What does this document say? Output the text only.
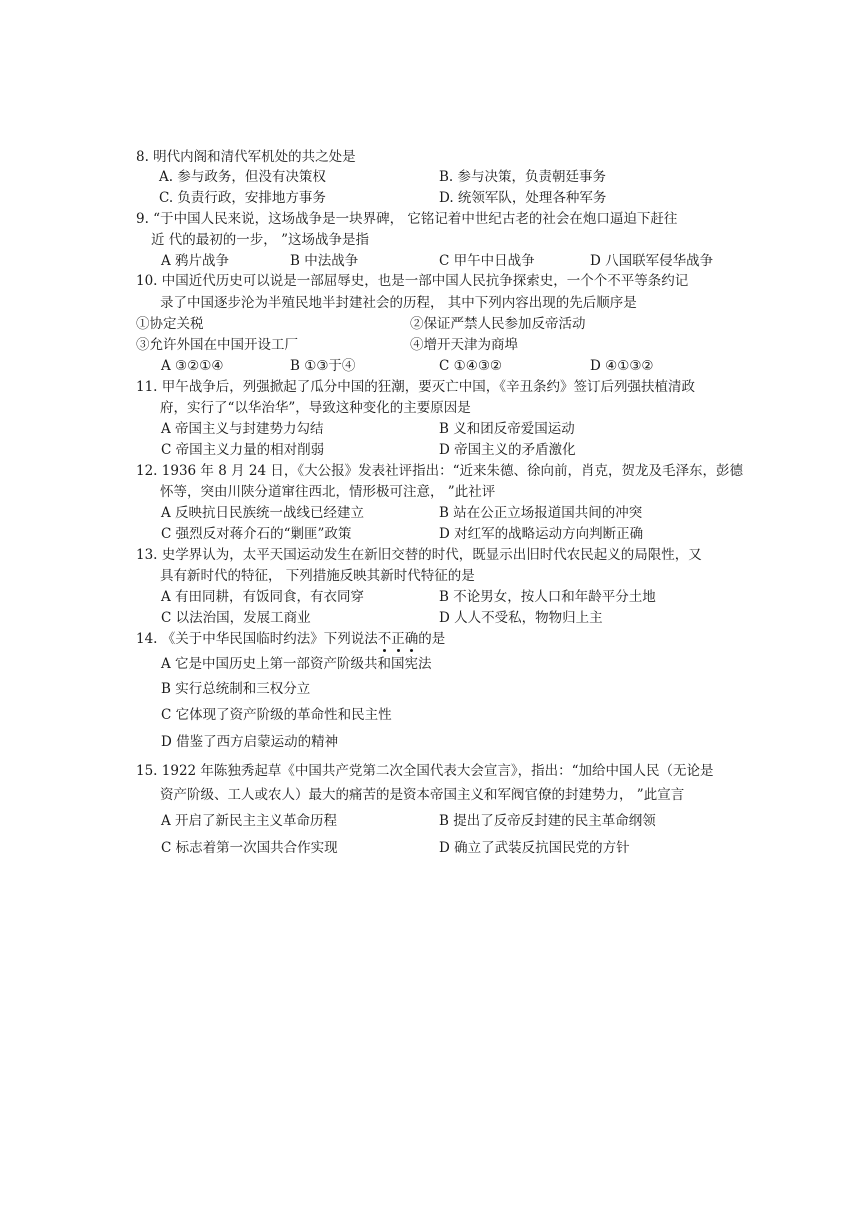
8. 明代内阁和清代军机处的共之处是
A. 参与政务，但没有决策权	B. 参与决策，负责朝廷事务
C. 负责行政，安排地方事务	D. 统领军队，处理各种军务
9. “于中国人民来说，这场战争是一块界碑， 它铭记着中世纪古老的社会在炮口逼迫下赶往
近 代的最初的一步， ”这场战争是指
A 鸦片战争	B 中法战争	C 甲午中日战争	D 八国联军侵华战争
10. 中国近代历史可以说是一部屈辱史，也是一部中国人民抗争探索史，一个个不平等条约记
录了中国逐步沦为半殖民地半封建社会的历程， 其中下列内容出现的先后顺序是
①协定关税	②保证严禁人民参加反帝活动
③允许外国在中国开设工厂	④增开天津为商埠
A ③②①④	B ①③于④	C ①④③②	D ④①③②
11. 甲午战争后，列强掀起了瓜分中国的狂潮，要灭亡中国，《辛丑条约》签订后列强扶植清政
府，实行了“以华治华”，导致这种变化的主要原因是
A 帝国主义与封建势力勾结	B 义和团反帝爱国运动
C 帝国主义力量的相对削弱	D 帝国主义的矛盾激化
12. 1936 年 8 月 24 日，《大公报》发表社评指出：“近来朱德、徐向前，肖克，贺龙及毛泽东，彭德
怀等，突由川陕分道窜往西北，情形极可注意， ”此社评
A 反映抗日民族统一战线已经建立	B 站在公正立场报道国共间的冲突
C 强烈反对蒋介石的“剿匪”政策	D 对红军的战略运动方向判断正确
13. 史学界认为，太平天国运动发生在新旧交替的时代，既显示出旧时代农民起义的局限性，又
具有新时代的特征， 下列措施反映其新时代特征的是
A 有田同耕，有饭同食，有衣同穿	B 不论男女，按人口和年龄平分土地
C 以法治国，发展工商业	D 人人不受私，物物归上主
14. 《关于中华民国临时约法》下列说法不正确的是
A 它是中国历史上第一部资产阶级共和国宪法
B 实行总统制和三权分立
C 它体现了资产阶级的革命性和民主性
D 借鉴了西方启蒙运动的精神
15. 1922 年陈独秀起草《中国共产党第二次全国代表大会宣言》，指出：“加给中国人民（无论是
资产阶级、工人或农人）最大的痛苦的是资本帝国主义和军阀官僚的封建势力， ”此宣言
A 开启了新民主主义革命历程	B 提出了反帝反封建的民主革命纲领
C 标志着第一次国共合作实现	D 确立了武装反抗国民党的方针
